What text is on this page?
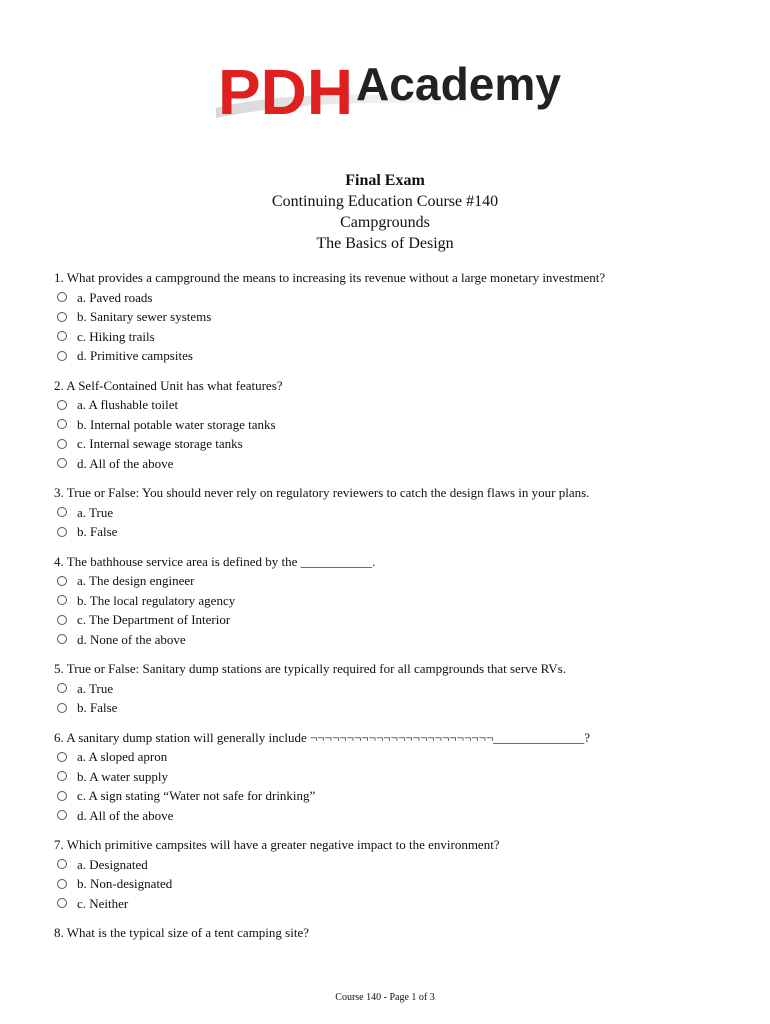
PDH Academy
Final Exam
Continuing Education Course #140
Campgrounds
The Basics of Design
1. What provides a campground the means to increasing its revenue without a large monetary investment?
a. Paved roads
b. Sanitary sewer systems
c. Hiking trails
d. Primitive campsites
2. A Self-Contained Unit has what features?
a. A flushable toilet
b. Internal potable water storage tanks
c. Internal sewage storage tanks
d. All of the above
3. True or False: You should never rely on regulatory reviewers to catch the design flaws in your plans.
a. True
b. False
4. The bathhouse service area is defined by the ___________.
a. The design engineer
b. The local regulatory agency
c. The Department of Interior
d. None of the above
5. True or False: Sanitary dump stations are typically required for all campgrounds that serve RVs.
a. True
b. False
6. A sanitary dump station will generally include ¬¬¬¬¬¬¬¬¬¬¬¬¬¬¬¬¬¬¬¬¬¬¬¬¬______________?
a. A sloped apron
b. A water supply
c. A sign stating “Water not safe for drinking”
d. All of the above
7. Which primitive campsites will have a greater negative impact to the environment?
a. Designated
b. Non-designated
c. Neither
8. What is the typical size of a tent camping site?
Course 140 - Page 1 of 3
